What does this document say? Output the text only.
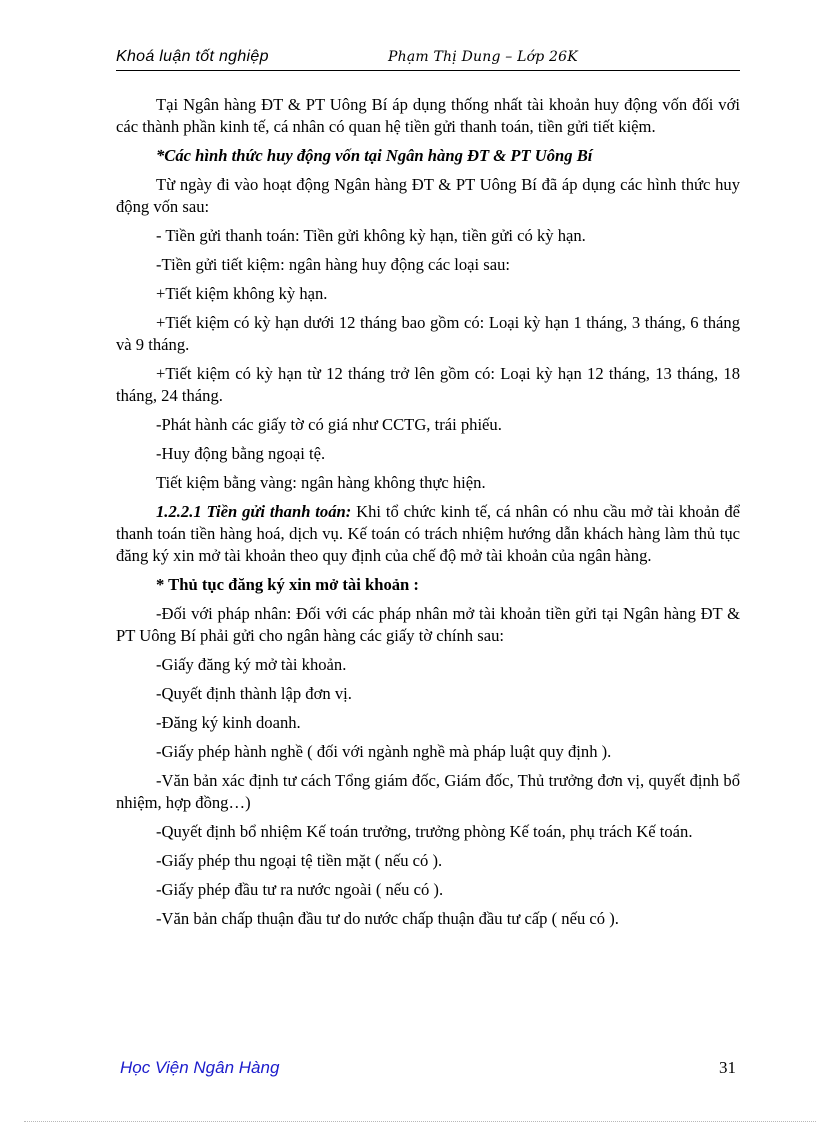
Khoá luận tốt nghiệp	Phạm Thị Dung – Lớp 26K

Tại Ngân hàng ĐT & PT Uông Bí áp dụng thống nhất tài khoản huy động vốn đối với các thành phần kinh tế, cá nhân có quan hệ tiền gửi thanh toán, tiền gửi tiết kiệm.

*Các hình thức huy động vốn tại Ngân hàng ĐT & PT Uông Bí

Từ ngày đi vào hoạt động Ngân hàng ĐT & PT Uông Bí đã áp dụng các hình thức huy động vốn sau:

- Tiền gửi thanh toán: Tiền gửi không kỳ hạn, tiền gửi có kỳ hạn.

-Tiền gửi tiết kiệm: ngân hàng huy động các loại sau:

+Tiết kiệm không kỳ hạn.

+Tiết kiệm có kỳ hạn dưới 12 tháng bao gồm có: Loại kỳ hạn 1 tháng, 3 tháng, 6 tháng và 9 tháng.

+Tiết kiệm có kỳ hạn từ 12 tháng trở lên gồm có: Loại kỳ hạn 12 tháng, 13 tháng, 18 tháng, 24 tháng.

-Phát hành các giấy tờ có giá như CCTG, trái phiếu.

-Huy động bằng ngoại tệ.

Tiết kiệm bằng vàng: ngân hàng không thực hiện.

1.2.2.1 Tiền gửi thanh toán: Khi tổ chức kinh tế, cá nhân có nhu cầu mở tài khoản để thanh toán tiền hàng hoá, dịch vụ. Kế toán có trách nhiệm hướng dẫn khách hàng làm thủ tục đăng ký xin mở tài khoản theo quy định của chế độ mở tài khoản của ngân hàng.

* Thủ tục đăng ký xin mở tài khoản :

-Đối với pháp nhân: Đối với các pháp nhân mở tài khoản tiền gửi tại Ngân hàng ĐT & PT Uông Bí phải gửi cho ngân hàng các giấy tờ chính sau:

-Giấy đăng ký mở tài khoản.

-Quyết định thành lập đơn vị.

-Đăng ký kinh doanh.

-Giấy phép hành nghề ( đối với ngành nghề mà pháp luật quy định ).

-Văn bản xác định tư cách Tổng giám đốc, Giám đốc, Thủ trưởng đơn vị, quyết định bổ nhiệm, hợp đồng…)

-Quyết định bổ nhiệm Kế toán trưởng, trưởng phòng Kế toán, phụ trách Kế toán.

-Giấy phép thu ngoại tệ tiền mặt ( nếu có ).

-Giấy phép đầu tư ra nước ngoài ( nếu có ).

-Văn bản chấp thuận đầu tư do nước chấp thuận đầu tư cấp ( nếu có ).

Học Viện Ngân Hàng	31
